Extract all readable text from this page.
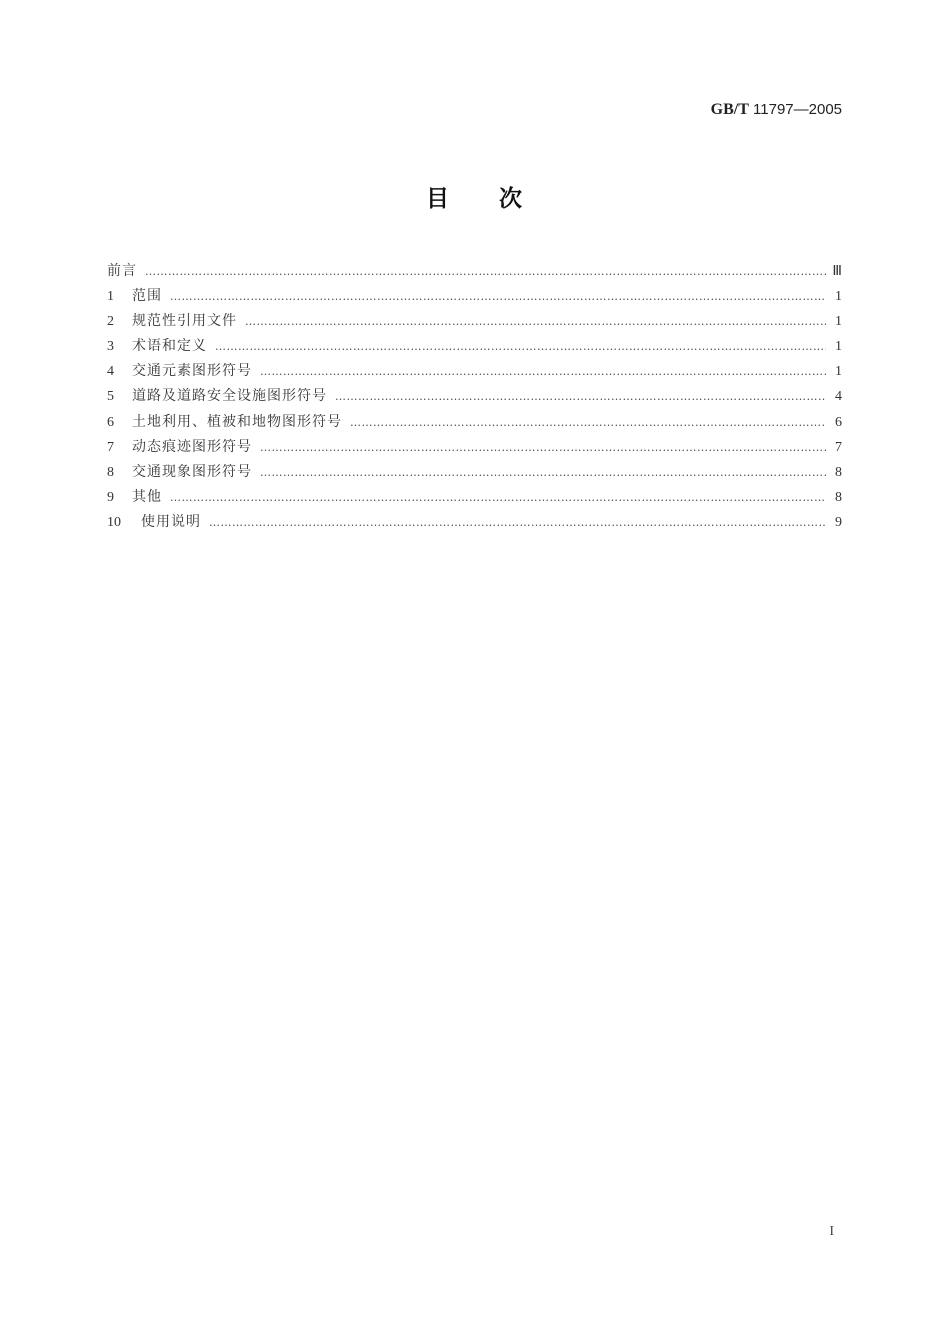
GB/T 11797—2005
目 次
前言 …………………………………………………………………………………………………………………………………………………………………………………………………………	Ⅲ
1	范围 …………………………………………………………………………………………………………………………………………………………………………………………………………	1
2	规范性引用文件 …………………………………………………………………………………………………………………………………………………………………………………………………………	1
3	术语和定义 …………………………………………………………………………………………………………………………………………………………………………………………………………	1
4	交通元素图形符号 …………………………………………………………………………………………………………………………………………………………………………………………………………	1
5	道路及道路安全设施图形符号 …………………………………………………………………………………………………………………………………………………………………………………………………………	4
6	土地利用、植被和地物图形符号 …………………………………………………………………………………………………………………………………………………………………………………………………………	6
7	动态痕迹图形符号 …………………………………………………………………………………………………………………………………………………………………………………………………………	7
8	交通现象图形符号 …………………………………………………………………………………………………………………………………………………………………………………………………………	8
9	其他 …………………………………………………………………………………………………………………………………………………………………………………………………………	8
10	使用说明 …………………………………………………………………………………………………………………………………………………………………………………………………………	9
I
